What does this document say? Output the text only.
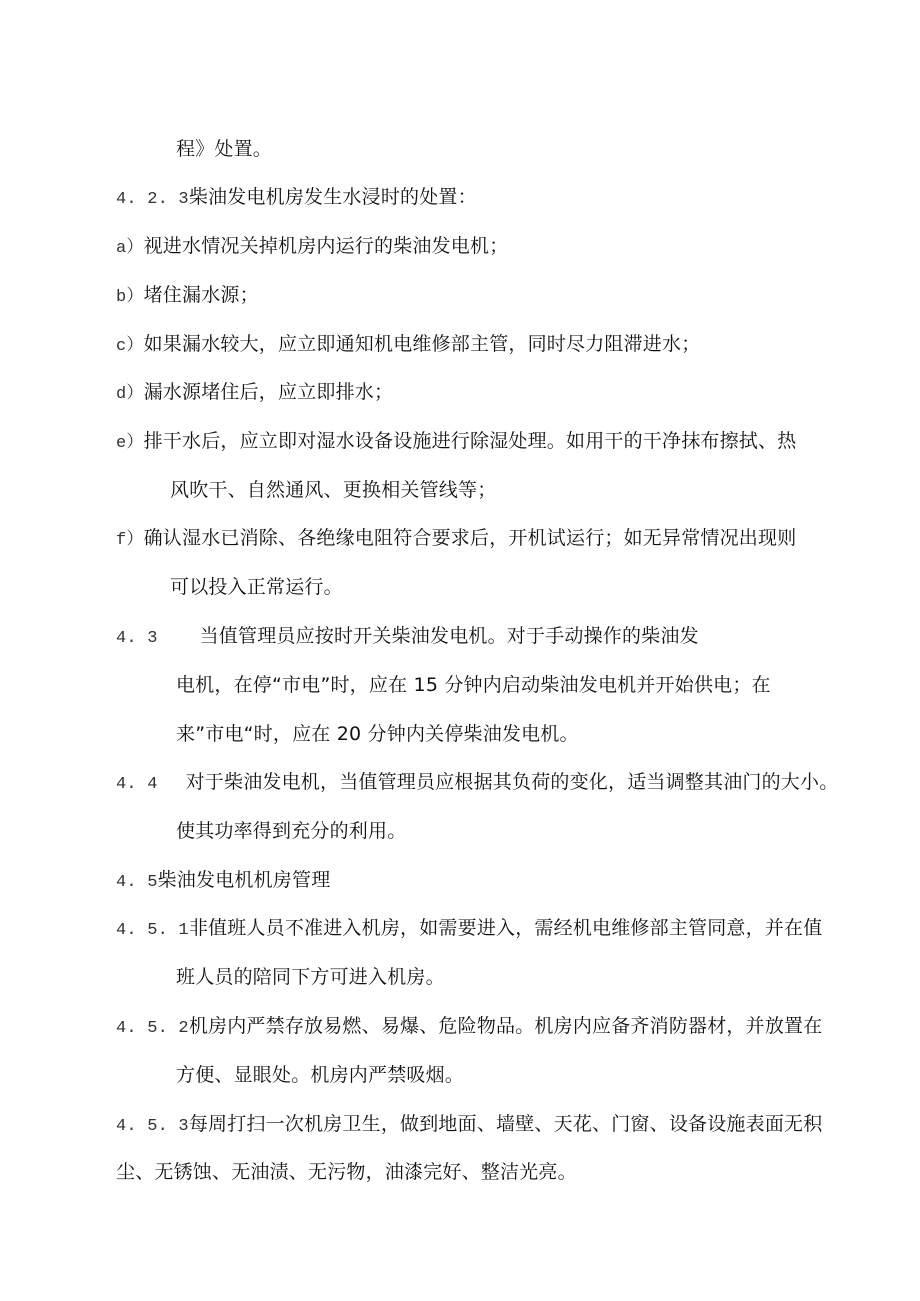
程》处置。
4. 2. 3柴油发电机房发生水浸时的处置：
a）视进水情况关掉机房内运行的柴油发电机；
b）堵住漏水源；
c）如果漏水较大，应立即通知机电维修部主管，同时尽力阻滞进水；
d）漏水源堵住后，应立即排水；
e）排干水后，应立即对湿水设备设施进行除湿处理。如用干的干净抹布擦拭、热
风吹干、自然通风、更换相关管线等；
f）确认湿水已消除、各绝缘电阻符合要求后，开机试运行；如无异常情况出现则
可以投入正常运行。
4. 3 当值管理员应按时开关柴油发电机。对于手动操作的柴油发
电机，在停“市电”时，应在 15 分钟内启动柴油发电机并开始供电；在
来”市电“时，应在 20 分钟内关停柴油发电机。
4. 4 对于柴油发电机，当值管理员应根据其负荷的变化，适当调整其油门的大小。
使其功率得到充分的利用。
4. 5柴油发电机机房管理
4. 5. 1非值班人员不准进入机房，如需要进入，需经机电维修部主管同意，并在值
班人员的陪同下方可进入机房。
4. 5. 2机房内严禁存放易燃、易爆、危险物品。机房内应备齐消防器材，并放置在
方便、显眼处。机房内严禁吸烟。
4. 5. 3每周打扫一次机房卫生，做到地面、墙壁、天花、门窗、设备设施表面无积
尘、无锈蚀、无油渍、无污物，油漆完好、整洁光亮。
